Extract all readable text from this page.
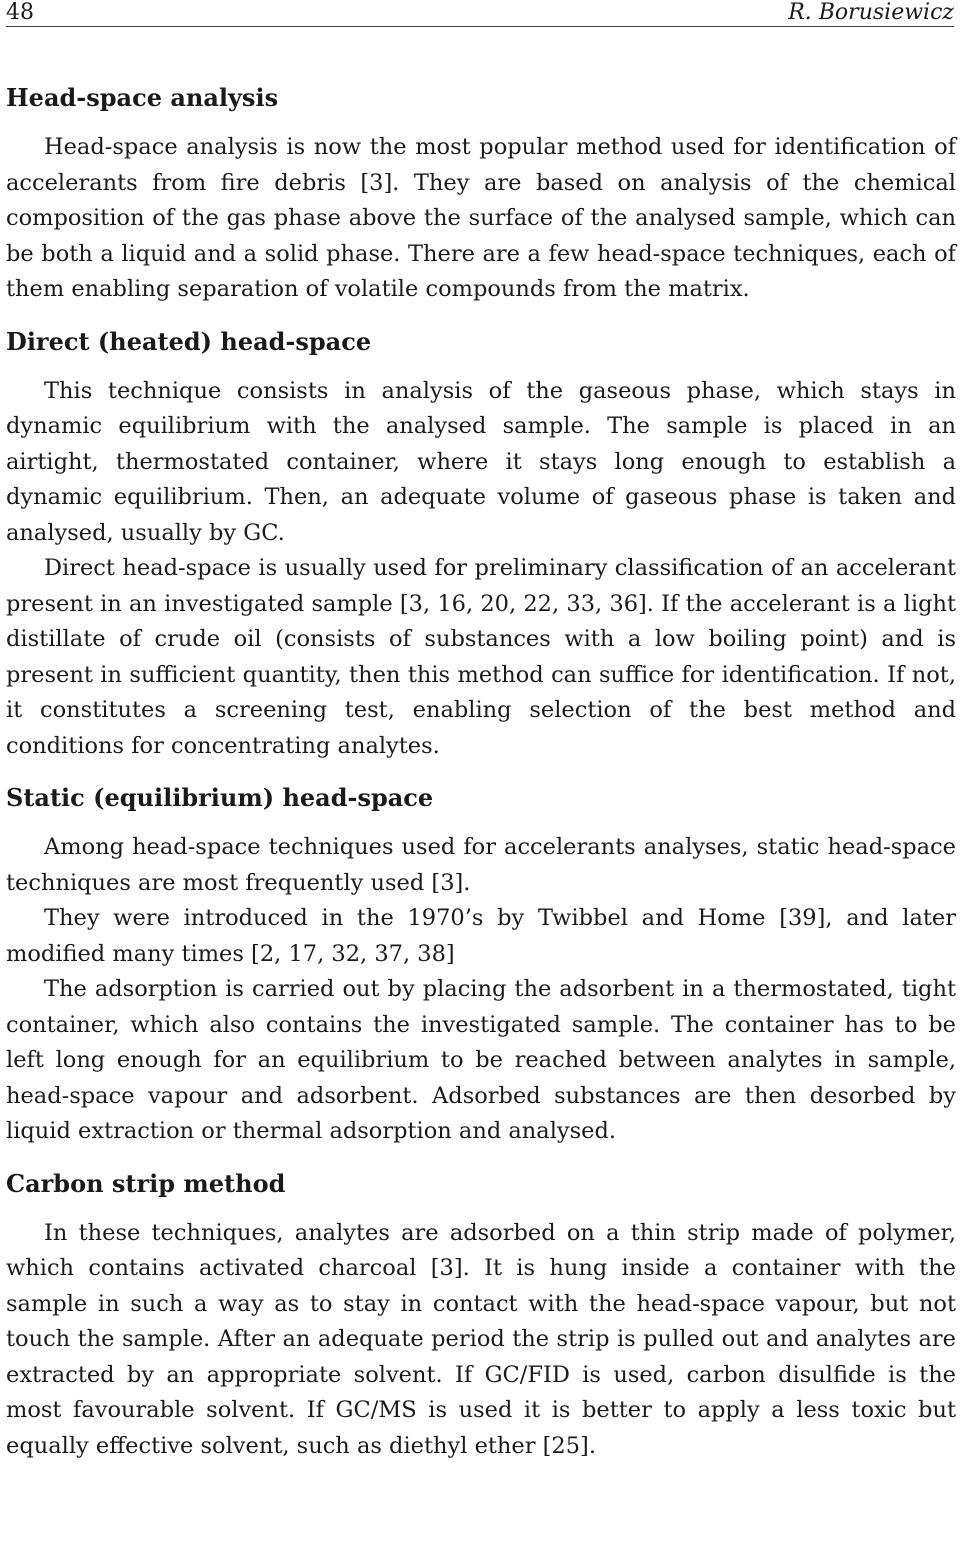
48	R. Borusiewicz
Head-space analysis

Head-space analysis is now the most popular method used for identification of accelerants from fire debris [3]. They are based on analysis of the chemical composition of the gas phase above the surface of the analysed sample, which can be both a liquid and a solid phase. There are a few head-space techniques, each of them enabling separation of volatile compounds from the matrix.

Direct (heated) head-space

This technique consists in analysis of the gaseous phase, which stays in dynamic equilibrium with the analysed sample. The sample is placed in an airtight, thermostated container, where it stays long enough to establish a dynamic equilibrium. Then, an adequate volume of gaseous phase is taken and analysed, usually by GC.

Direct head-space is usually used for preliminary classification of an accelerant present in an investigated sample [3, 16, 20, 22, 33, 36]. If the accelerant is a light distillate of crude oil (consists of substances with a low boiling point) and is present in sufficient quantity, then this method can suffice for identification. If not, it constitutes a screening test, enabling selection of the best method and conditions for concentrating analytes.

Static (equilibrium) head-space

Among head-space techniques used for accelerants analyses, static head-space techniques are most frequently used [3].

They were introduced in the 1970’s by Twibbel and Home [39], and later modified many times [2, 17, 32, 37, 38]

The adsorption is carried out by placing the adsorbent in a thermostated, tight container, which also contains the investigated sample. The container has to be left long enough for an equilibrium to be reached between analytes in sample, head-space vapour and adsorbent. Adsorbed substances are then desorbed by liquid extraction or thermal adsorption and analysed.

Carbon strip method

In these techniques, analytes are adsorbed on a thin strip made of polymer, which contains activated charcoal [3]. It is hung inside a container with the sample in such a way as to stay in contact with the head-space vapour, but not touch the sample. After an adequate period the strip is pulled out and analytes are extracted by an appropriate solvent. If GC/FID is used, carbon disulfide is the most favourable solvent. If GC/MS is used it is better to apply a less toxic but equally effective solvent, such as diethyl ether [25].
